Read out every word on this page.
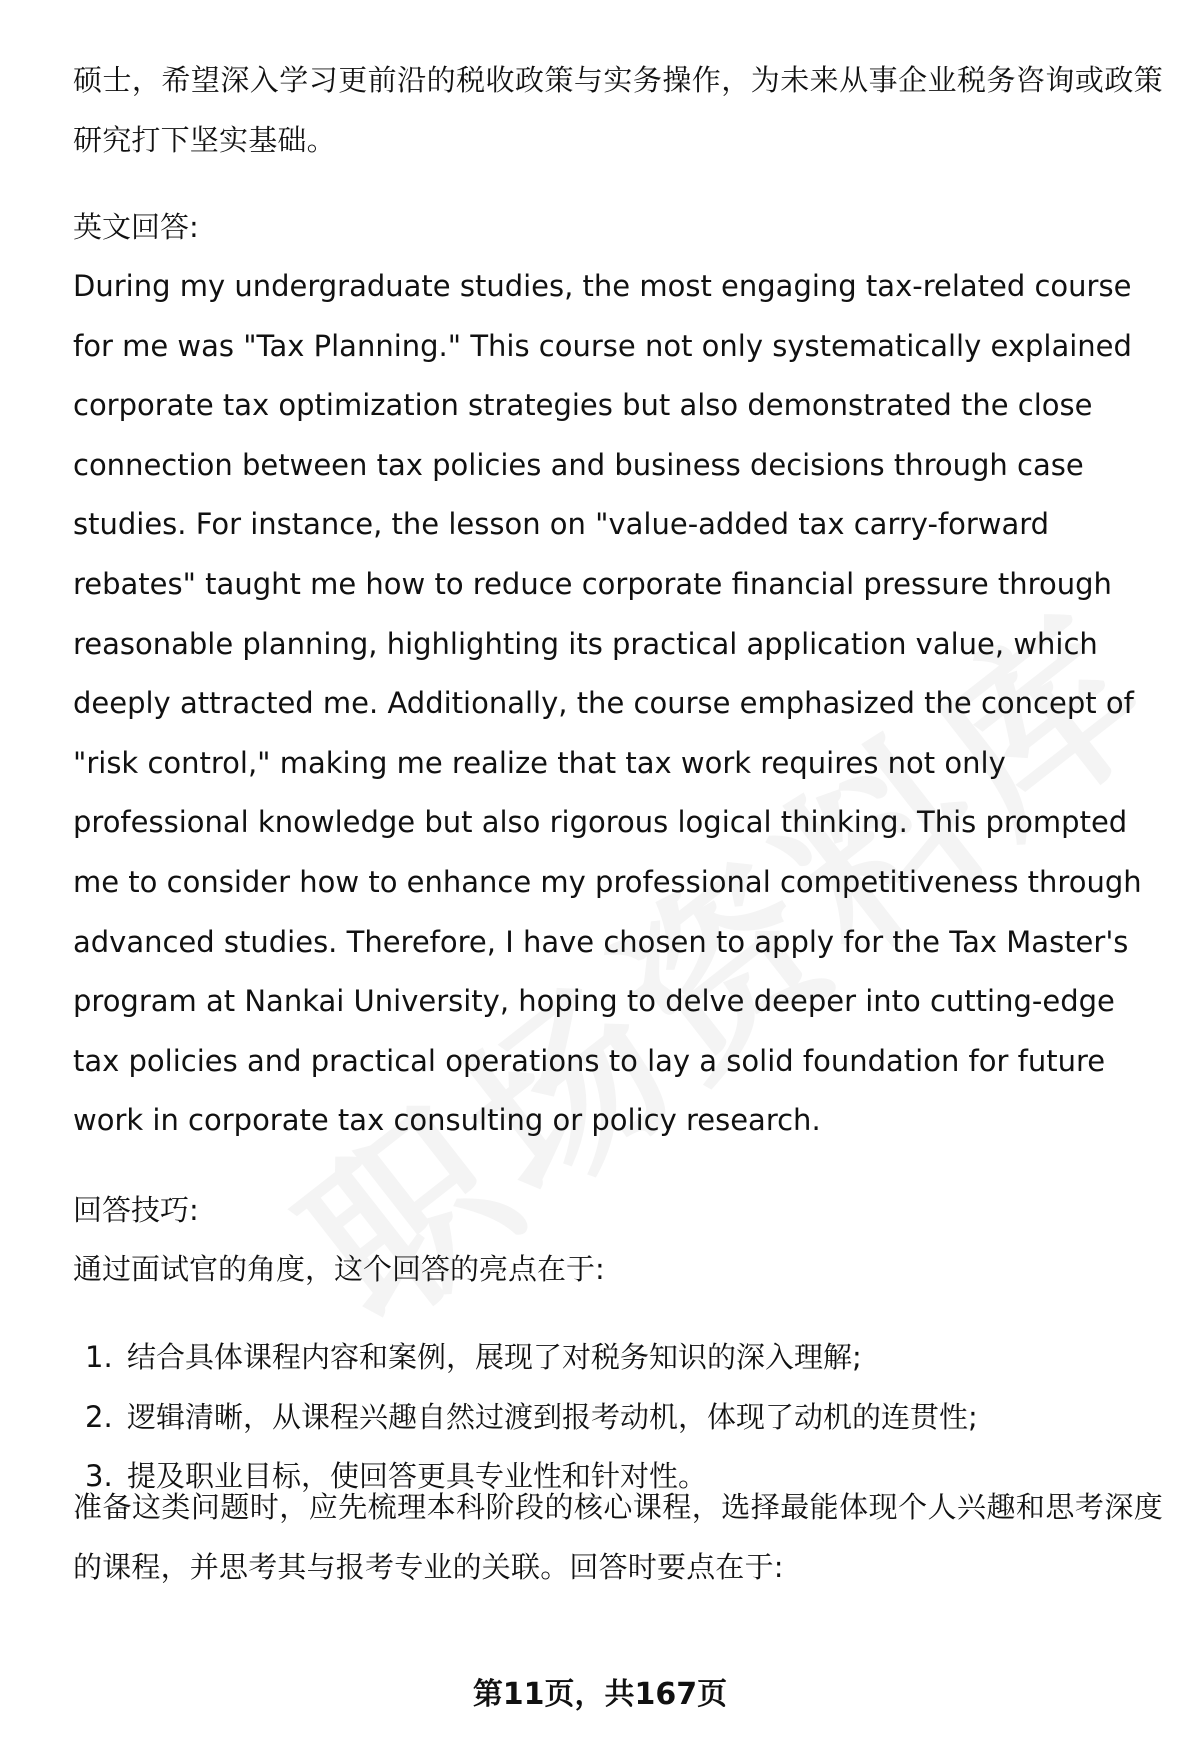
硕士，希望深入学习更前沿的税收政策与实务操作，为未来从事企业税务咨询或政策研究打下坚实基础。

英文回答:

During my undergraduate studies, the most engaging tax-related course for me was "Tax Planning." This course not only systematically explained corporate tax optimization strategies but also demonstrated the close connection between tax policies and business decisions through case studies. For instance, the lesson on "value-added tax carry-forward rebates" taught me how to reduce corporate financial pressure through reasonable planning, highlighting its practical application value, which deeply attracted me. Additionally, the course emphasized the concept of "risk control," making me realize that tax work requires not only professional knowledge but also rigorous logical thinking. This prompted me to consider how to enhance my professional competitiveness through advanced studies. Therefore, I have chosen to apply for the Tax Master's program at Nankai University, hoping to delve deeper into cutting-edge tax policies and practical operations to lay a solid foundation for future work in corporate tax consulting or policy research.

回答技巧:

通过面试官的角度，这个回答的亮点在于:

1. 结合具体课程内容和案例，展现了对税务知识的深入理解;
2. 逻辑清晰，从课程兴趣自然过渡到报考动机，体现了动机的连贯性;
3. 提及职业目标，使回答更具专业性和针对性。

准备这类问题时，应先梳理本科阶段的核心课程，选择最能体现个人兴趣和思考深度的课程，并思考其与报考专业的关联。回答时要点在于:

第11页，共167页
